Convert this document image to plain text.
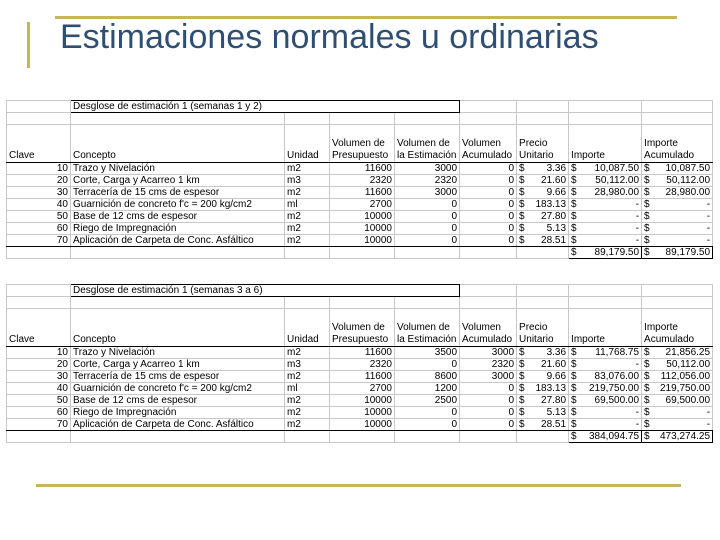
Estimaciones normales u ordinarias
	Desglose de estimación 1 (semanas 1 y 2)							

Clave	Concepto	Unidad	Volumen de Presupuesto	Volumen de la Estimación	Volumen Acumulado	Precio Unitario	Importe	Importe Acumulado
10	Trazo y Nivelación	m2	11600	3000	0	$ 3.36	$ 10,087.50	$ 10,087.50

20	Corte, Carga y Acarreo 1 km	m3	2320	2320	0	$ 21.60	$ 50,112.00	$ 50,112.00

30	Terracería de 15 cms de espesor	m2	11600	3000	0	$ 9.66	$ 28,980.00	$ 28,980.00

40	Guarnición de concreto f'c = 200 kg/cm2	ml	2700	0	0	$ 183.13	$ -	$ -

50	Base de 12 cms de espesor	m2	10000	0	0	$ 27.80	$ -	$ -

60	Riego de Impregnación	m2	10000	0	0	$ 5.13	$ -	$ -

70	Aplicación de Carpeta de Conc. Asfáltico	m2	10000	0	0	$ 28.51	$ -	$ -

							$ 89,179.50	$ 89,179.50
	Desglose de estimación 1 (semanas 3 a 6)							

Clave	Concepto	Unidad	Volumen de Presupuesto	Volumen de la Estimación	Volumen Acumulado	Precio Unitario	Importe	Importe Acumulado
10	Trazo y Nivelación	m2	11600	3500	3000	$ 3.36	$ 11,768.75	$ 21,856.25

20	Corte, Carga y Acarreo 1 km	m3	2320	0	2320	$ 21.60	$ -	$ 50,112.00

30	Terracería de 15 cms de espesor	m2	11600	8600	3000	$ 9.66	$ 83,076.00	$ 112,056.00

40	Guarnición de concreto f'c = 200 kg/cm2	ml	2700	1200	0	$ 183.13	$ 219,750.00	$ 219,750.00

50	Base de 12 cms de espesor	m2	10000	2500	0	$ 27.80	$ 69,500.00	$ 69,500.00

60	Riego de Impregnación	m2	10000	0	0	$ 5.13	$ -	$ -

70	Aplicación de Carpeta de Conc. Asfáltico	m2	10000	0	0	$ 28.51	$ -	$ -

							$ 384,094.75	$ 473,274.25
